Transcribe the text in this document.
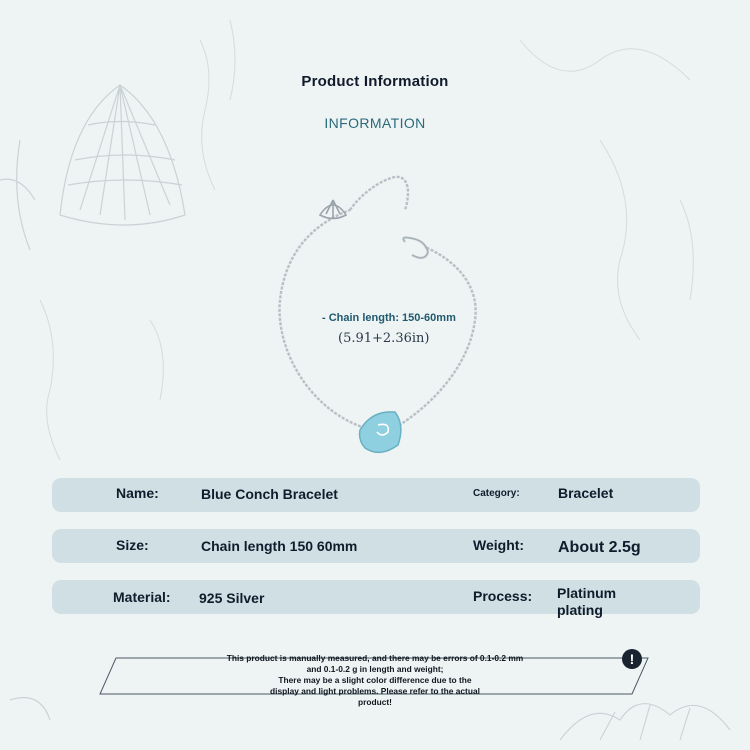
Product Information
INFORMATION
- Chain length: 150-60mm
(5.91+2.36in)
Name:	Blue Conch Bracelet	Category:	Bracelet
Size:	Chain length 150 60mm	Weight: About 2.5g
Material: 925 Silver	Process: Platinum
plating
This product is manually measured, and there may be errors of 0.1-0.2 mm
and 0.1-0.2 g in length and weight;
There may be a slight color difference due to the
display and light problems. Please refer to the actual
product!
!
